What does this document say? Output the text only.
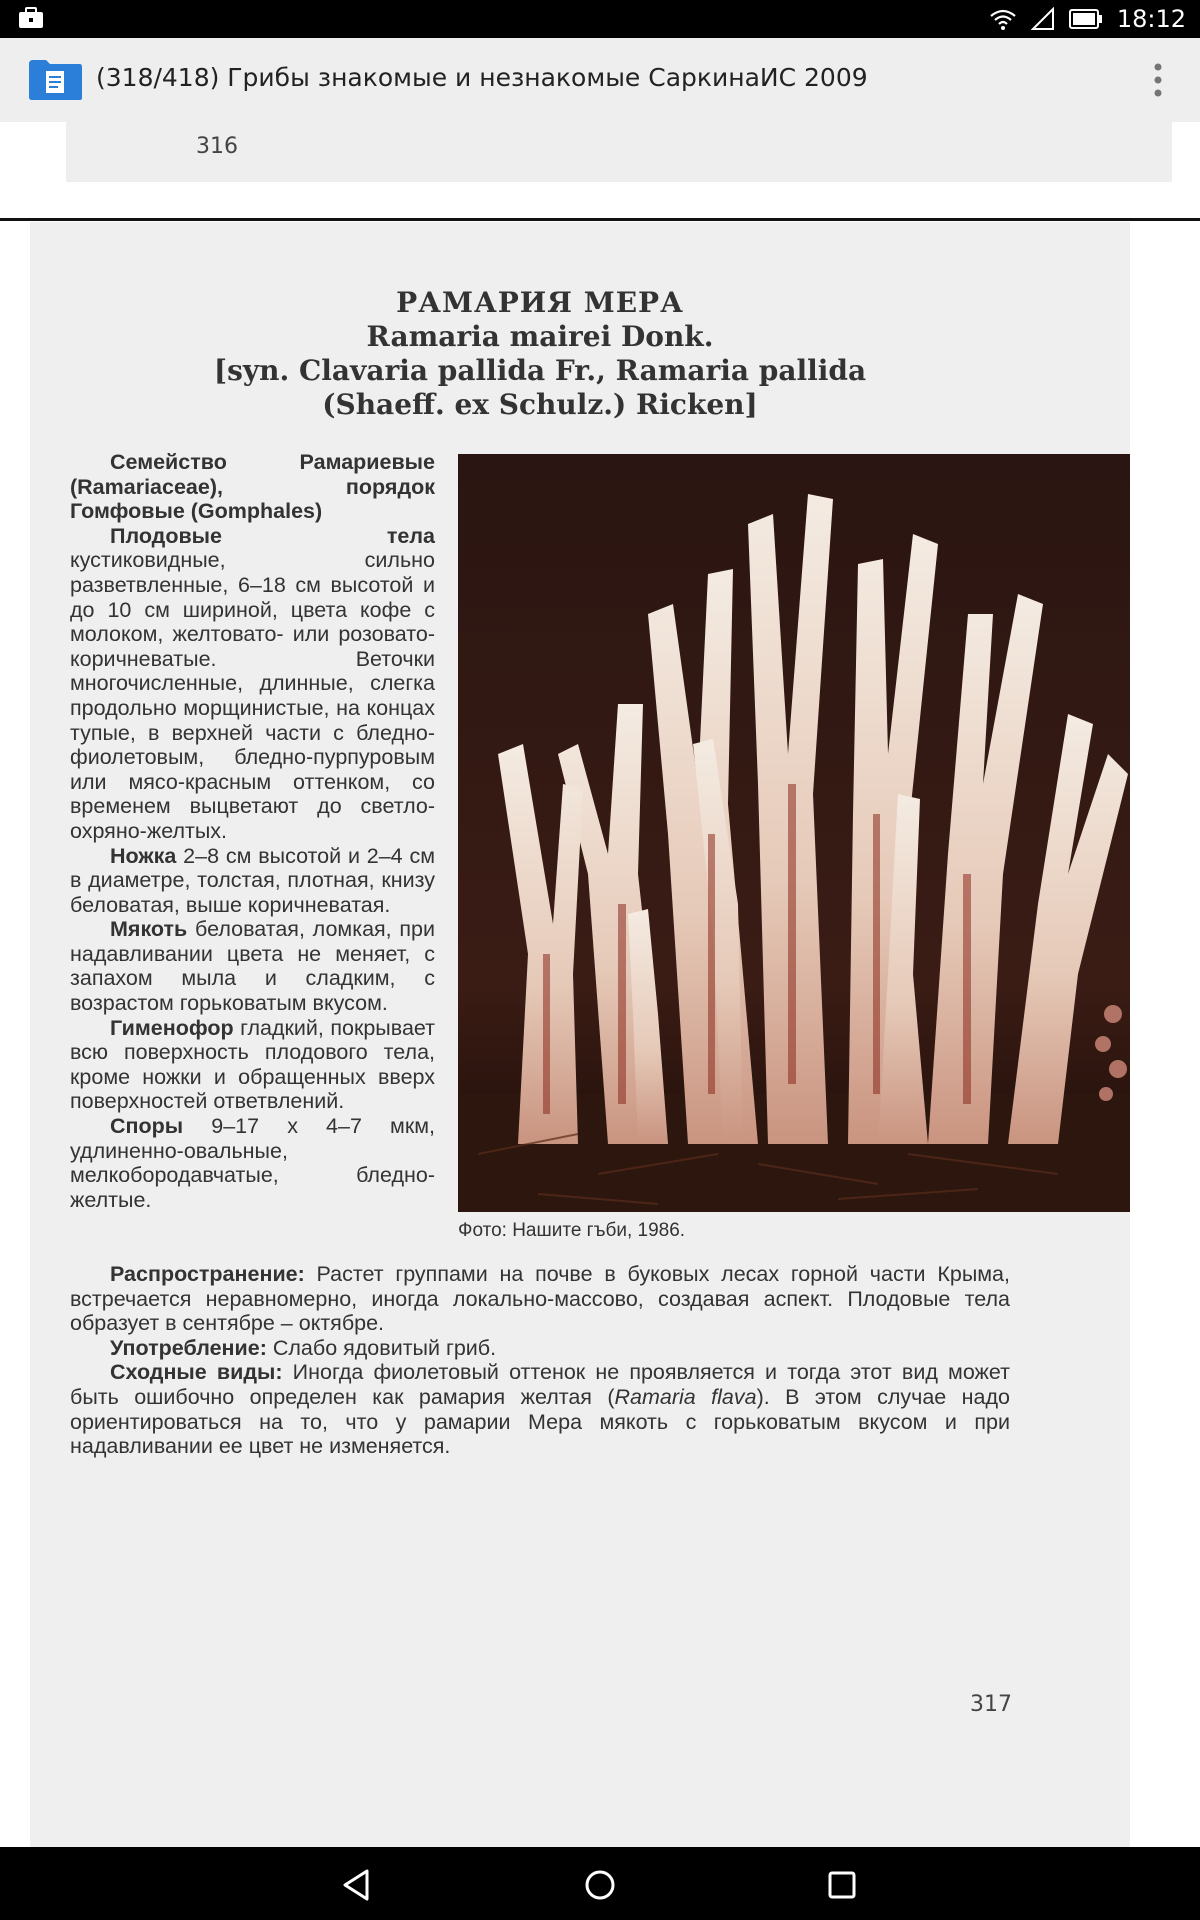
18:12
(318/418) Грибы знакомые и незнакомые СаркинаИС 2009
316
РАМАРИЯ МЕРА
Ramaria mairei Donk.
[syn. Clavaria pallida Fr., Ramaria pallida
(Shaeff. ex Schulz.) Ricken]

Семейство Рамариевые (Ramariaceae), порядок Гомфовые (Gomphales)

Плодовые тела кустиковидные, сильно разветвленные, 6–18 см высотой и до 10 см шириной, цвета кофе с молоком, желтовато- или розовато-коричневатые. Веточки многочисленные, длинные, слегка продольно морщинистые, на концах тупые, в верхней части с бледно-фиолетовым, бледно-пурпуровым или мясо-красным оттенком, со временем выцветают до светло-охряно-желтых.

Ножка 2–8 см высотой и 2–4 см в диаметре, толстая, плотная, книзу беловатая, выше коричневатая.

Мякоть беловатая, ломкая, при надавливании цвета не меняет, с запахом мыла и сладким, с возрастом горьковатым вкусом.

Гименофор гладкий, покрывает всю поверхность плодового тела, кроме ножки и обращенных вверх поверхностей ответвлений.

Споры 9–17 x 4–7 мкм, удлиненно-овальные, мелкобородавчатые, бледно-желтые.

Фото: Нашите гъби, 1986.

Распространение: Растет группами на почве в буковых лесах горной части Крыма, встречается неравномерно, иногда локально-массово, создавая аспект. Плодовые тела образует в сентябре – октябре.

Употребление: Слабо ядовитый гриб.

Сходные виды: Иногда фиолетовый оттенок не проявляется и тогда этот вид может быть ошибочно определен как рамария желтая (Ramaria flava). В этом случае надо ориентироваться на то, что у рамарии Мера мякоть с горьковатым вкусом и при надавливании ее цвет не изменяется.

317
